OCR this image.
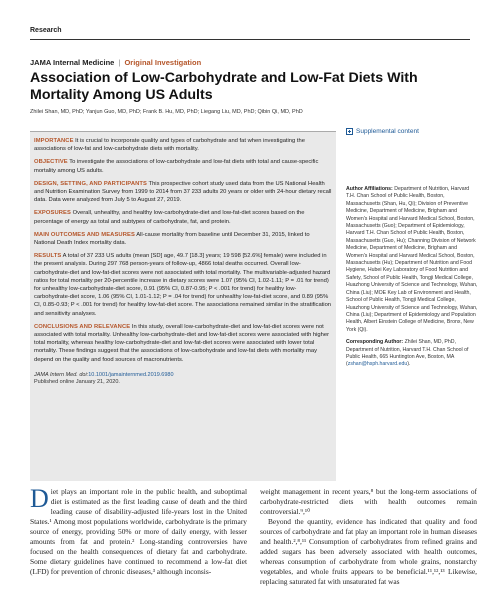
Research
JAMA Internal Medicine | Original Investigation
Association of Low-Carbohydrate and Low-Fat Diets With Mortality Among US Adults
Zhilei Shan, MD, PhD; Yanjun Guo, MD, PhD; Frank B. Hu, MD, PhD; Liegang Liu, MD, PhD; Qibin Qi, MD, PhD
Supplemental content

IMPORTANCE It is crucial to incorporate quality and types of carbohydrate and fat when investigating the associations of low-fat and low-carbohydrate diets with mortality.

OBJECTIVE To investigate the associations of low-carbohydrate and low-fat diets with total and cause-specific mortality among US adults.

DESIGN, SETTING, AND PARTICIPANTS This prospective cohort study used data from the US National Health and Nutrition Examination Survey from 1999 to 2014 from 37 233 adults 20 years or older with 24-hour dietary recall data. Data were analyzed from July 5 to August 27, 2019.

EXPOSURES Overall, unhealthy, and healthy low-carbohydrate-diet and low-fat-diet scores based on the percentage of energy as total and subtypes of carbohydrate, fat, and protein.

MAIN OUTCOMES AND MEASURES All-cause mortality from baseline until December 31, 2015, linked to National Death Index mortality data.

RESULTS A total of 37 233 US adults (mean [SD] age, 49.7 [18.3] years; 19 598 [52.6%] female) were included in the present analysis. During 297 768 person-years of follow-up, 4866 total deaths occurred. Overall low-carbohydrate-diet and low-fat-diet scores were not associated with total mortality. The multivariable-adjusted hazard ratios for total mortality per 20-percentile increase in dietary scores were 1.07 (95% CI, 1.02-1.11; P = .01 for trend) for unhealthy low-carbohydrate-diet score, 0.91 (95% CI, 0.87-0.95; P < .001 for trend) for healthy low-carbohydrate-diet score, 1.06 (95% CI, 1.01-1.12; P = .04 for trend) for unhealthy low-fat-diet score, and 0.89 (95% CI, 0.85-0.93; P < .001 for trend) for healthy low-fat-diet score. The associations remained similar in the stratification and sensitivity analyses.

CONCLUSIONS AND RELEVANCE In this study, overall low-carbohydrate-diet and low-fat-diet scores were not associated with total mortality. Unhealthy low-carbohydrate-diet and low-fat-diet scores were associated with higher total mortality, whereas healthy low-carbohydrate-diet and low-fat-diet scores were associated with lower total mortality. These findings suggest that the associations of low-carbohydrate and low-fat diets with mortality may depend on the quality and food sources of macronutrients.

JAMA Intern Med. doi:10.1001/jamainternmed.2019.6980
Published online January 21, 2020.

Author Affiliations: Department of Nutrition, Harvard T.H. Chan School of Public Health, Boston, Massachusetts (Shan, Hu, Qi); Division of Preventive Medicine, Department of Medicine, Brigham and Women's Hospital and Harvard Medical School, Boston, Massachusetts (Guo); Department of Epidemiology, Harvard T.H. Chan School of Public Health, Boston, Massachusetts (Guo, Hu); Channing Division of Network Medicine, Department of Medicine, Brigham and Women's Hospital and Harvard Medical School, Boston, Massachusetts (Hu); Department of Nutrition and Food Hygiene, Hubei Key Laboratory of Food Nutrition and Safety, School of Public Health, Tongji Medical College, Huazhong University of Science and Technology, Wuhan, China (Liu); MOE Key Lab of Environment and Health, School of Public Health, Tongji Medical College, Huazhong University of Science and Technology, Wuhan, China (Liu); Department of Epidemiology and Population Health, Albert Einstein College of Medicine, Bronx, New York (Qi).

Corresponding Author: Zhilei Shan, MD, PhD, Department of Nutrition, Harvard T.H. Chan School of Public Health, 665 Huntington Ave, Boston, MA (zshan@hsph.harvard.edu).

Diet plays an important role in the public health, and suboptimal diet is estimated as the first leading cause of death and the third leading cause of disability-adjusted life-years lost in the United States.¹ Among most populations worldwide, carbohydrate is the primary source of energy, providing 50% or more of daily energy, with lesser amounts from fat and protein.² Long-standing controversies have focused on the health consequences of dietary fat and carbohydrate. Some dietary guidelines have continued to recommend a low-fat diet (LFD) for prevention of chronic diseases,³ although inconsis-

weight management in recent years,⁸ but the long-term associations of carbohydrate-restricted diets with health outcomes remain controversial.⁹,¹⁰

Beyond the quantity, evidence has indicated that quality and food sources of carbohydrate and fat play an important role in human diseases and health.²,⁸,¹¹ Consumption of carbohydrates from refined grains and added sugars has been adversely associated with health outcomes, whereas consumption of carbohydrate from whole grains, nonstarchy vegetables, and whole fruits appears to be beneficial.¹¹,¹²,¹³ Likewise, replacing saturated fat with unsaturated fat was
